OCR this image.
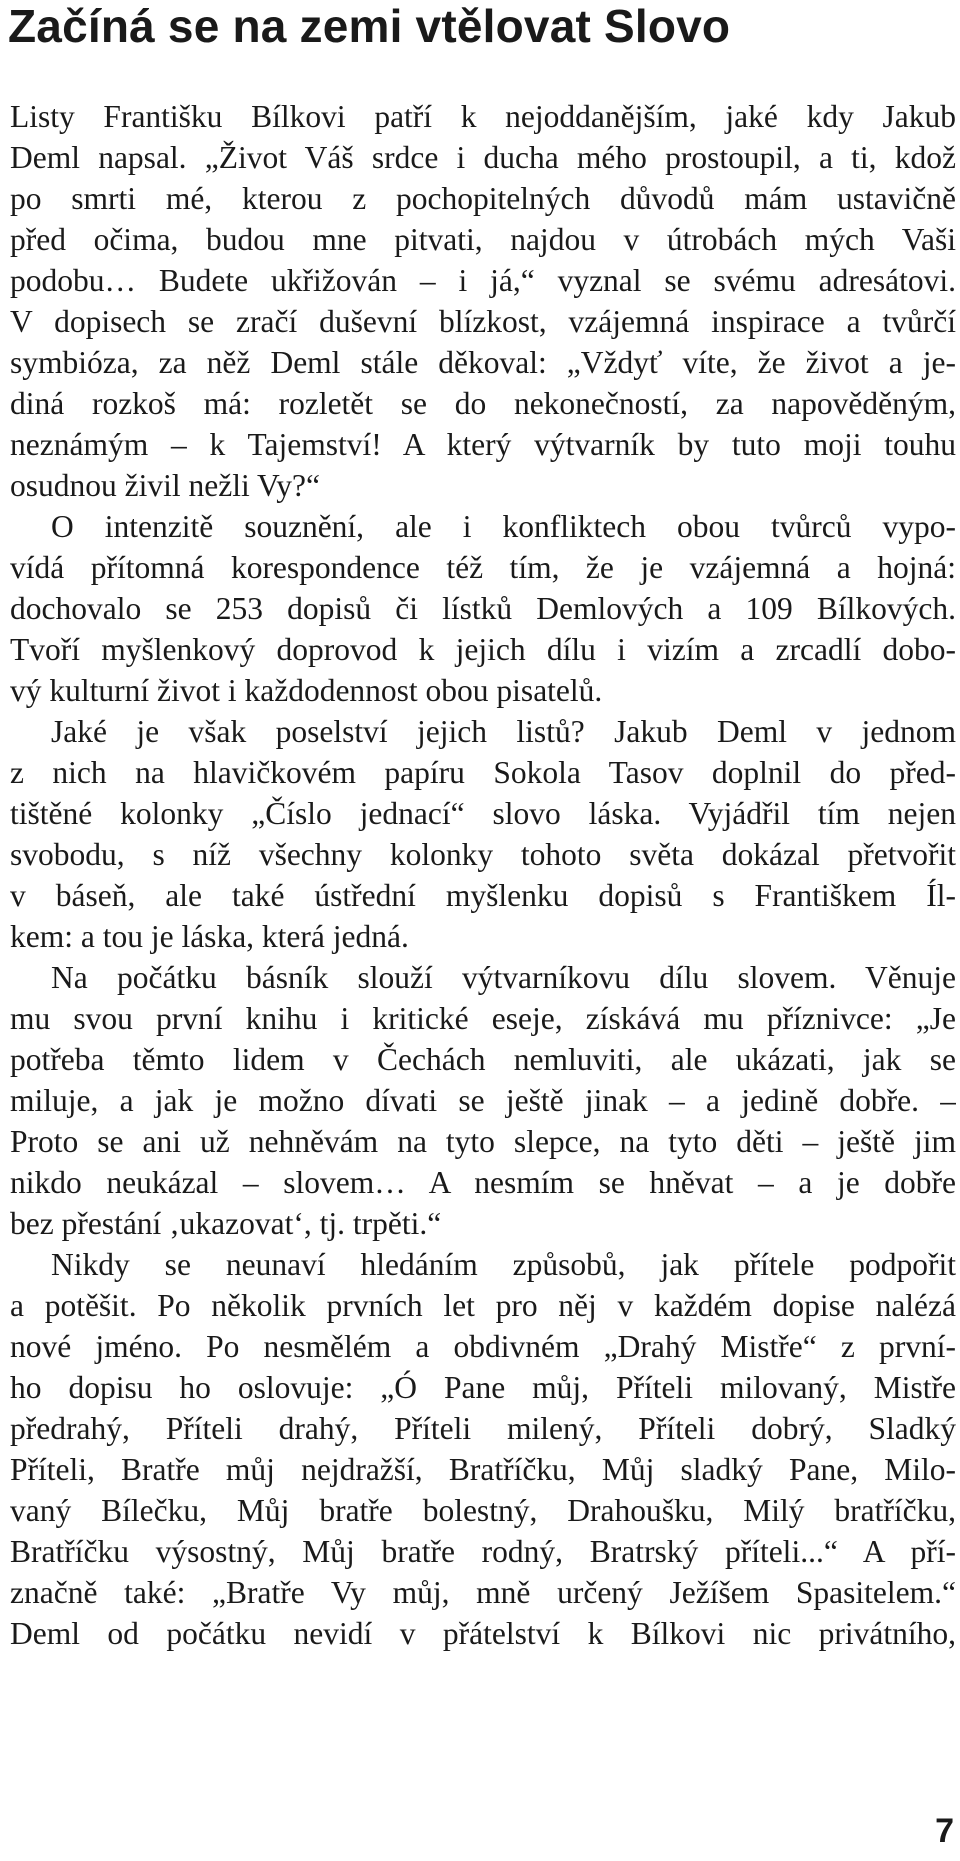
Začíná se na zemi vtělovat Slovo
Listy Františku Bílkovi patří k nejoddanějším, jaké kdy Jakub
Deml napsal. „Život Váš srdce i ducha mého prostoupil, a ti, kdož
po smrti mé, kterou z pochopitelných důvodů mám ustavičně
před očima, budou mne pitvati, najdou v útrobách mých Vaši
podobu… Budete ukřižován – i já,“ vyznal se svému adresátovi.
V dopisech se zračí duševní blízkost, vzájemná inspirace a tvůrčí
symbióza, za něž Deml stále děkoval: „Vždyť víte, že život a je-
diná rozkoš má: rozletět se do nekonečností, za napověděným,
neznámým – k Tajemství! A který výtvarník by tuto moji touhu
osudnou živil nežli Vy?“
O intenzitě souznění, ale i konfliktech obou tvůrců vypo-
vídá přítomná korespondence též tím, že je vzájemná a hojná:
dochovalo se 253 dopisů či lístků Demlových a 109 Bílkových.
Tvoří myšlenkový doprovod k jejich dílu i vizím a zrcadlí dobo-
vý kulturní život i každodennost obou pisatelů.
Jaké je však poselství jejich listů? Jakub Deml v jednom
z nich na hlavičkovém papíru Sokola Tasov doplnil do před-
tištěné kolonky „Číslo jednací“ slovo láska. Vyjádřil tím nejen
svobodu, s níž všechny kolonky tohoto světa dokázal přetvořit
v báseň, ale také ústřední myšlenku dopisů s Františkem Íl-
kem: a tou je láska, která jedná.
Na počátku básník slouží výtvarníkovu dílu slovem. Věnuje
mu svou první knihu i kritické eseje, získává mu příznivce: „Je
potřeba těmto lidem v Čechách nemluviti, ale ukázati, jak se
miluje, a jak je možno dívati se ještě jinak – a jedině dobře. –
Proto se ani už nehněvám na tyto slepce, na tyto děti – ještě jim
nikdo neukázal – slovem… A nesmím se hněvat – a je dobře
bez přestání ‚ukazovat‘, tj. trpěti.“
Nikdy se neunaví hledáním způsobů, jak přítele podpořit
a potěšit. Po několik prvních let pro něj v každém dopise nalézá
nové jméno. Po nesmělém a obdivném „Drahý Mistře“ z první-
ho dopisu ho oslovuje: „Ó Pane můj, Příteli milovaný, Mistře
předrahý, Příteli drahý, Příteli milený, Příteli dobrý, Sladký
Příteli, Bratře můj nejdražší, Bratříčku, Můj sladký Pane, Milo-
vaný Bílečku, Můj bratře bolestný, Drahoušku, Milý bratříčku,
Bratříčku výsostný, Můj bratře rodný, Bratrský příteli...“ A pří-
značně také: „Bratře Vy můj, mně určený Ježíšem Spasitelem.“
Deml od počátku nevidí v přátelství k Bílkovi nic privátního,
7
